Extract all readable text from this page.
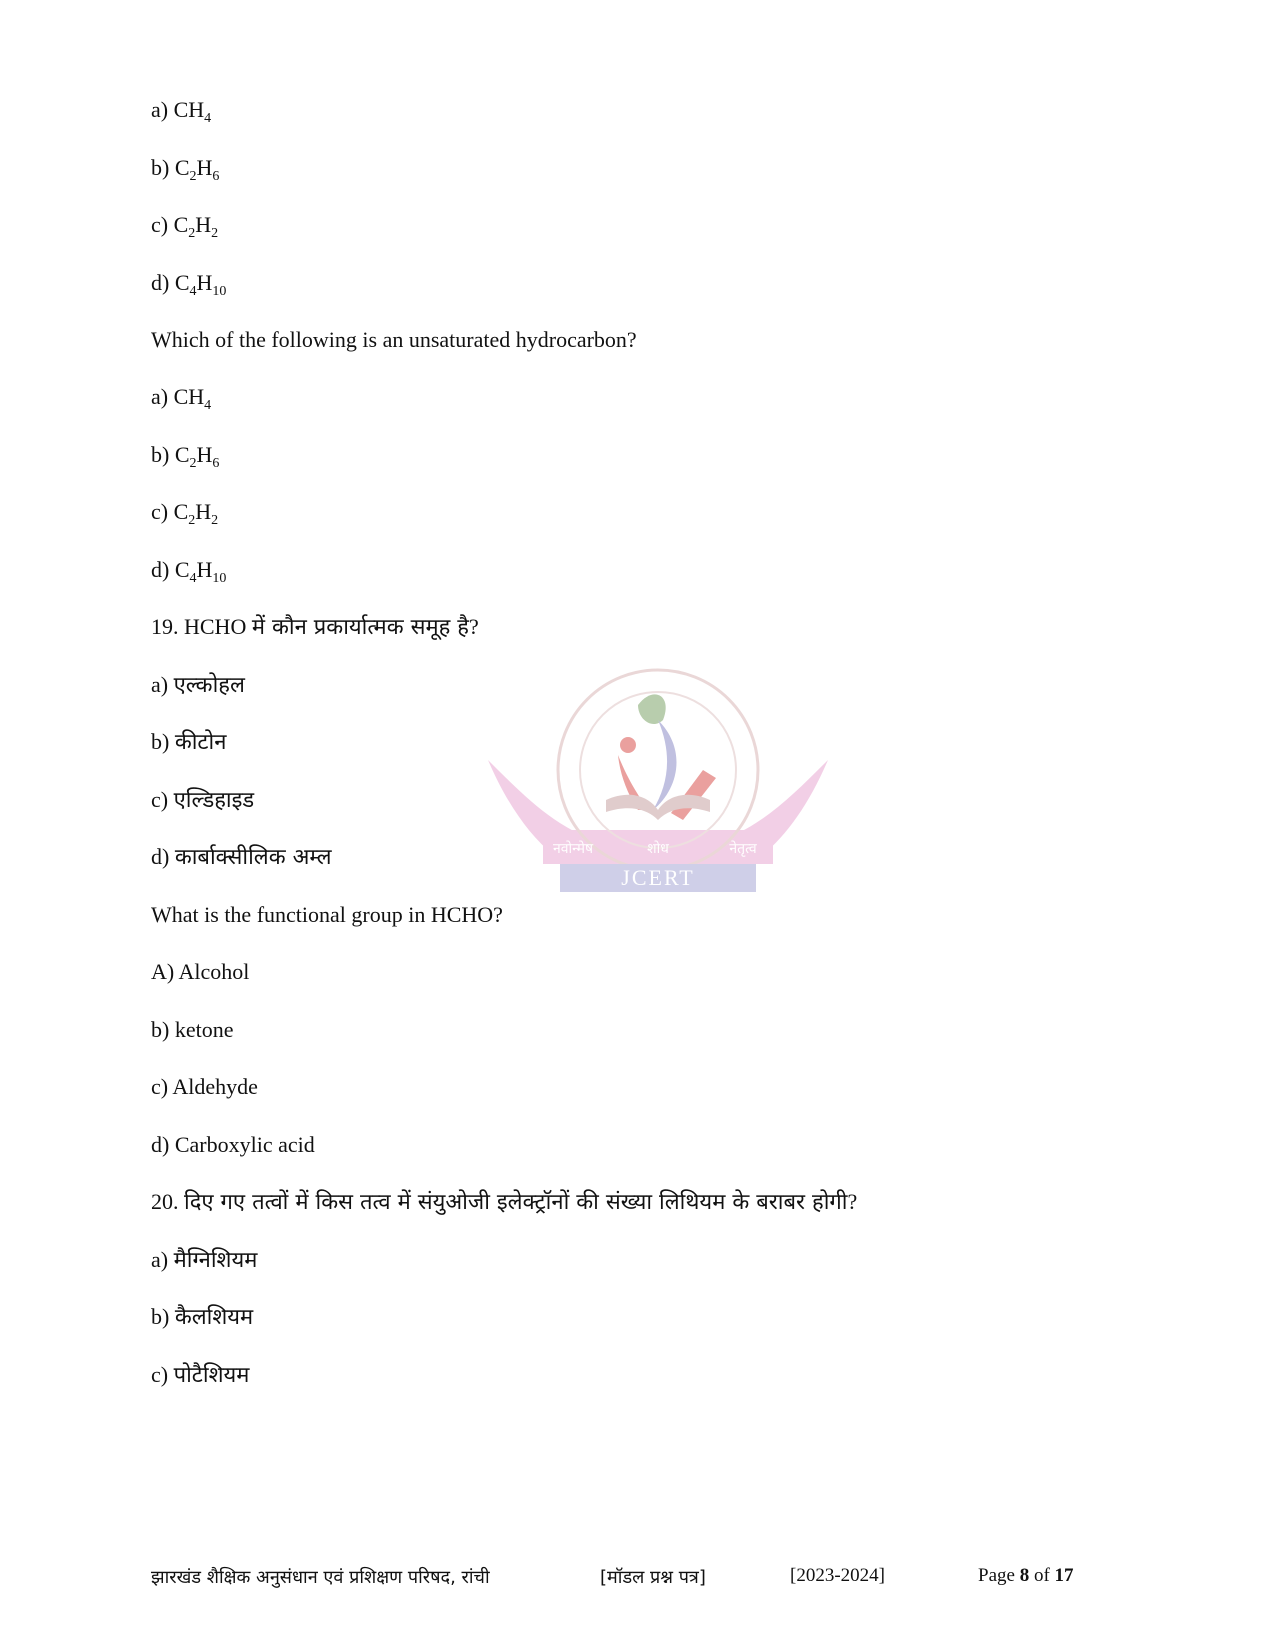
नवोन्मेष	शोध	नेतृत्व
JCERT
a) $CH_4$
b) $C_2H_6$
c) $C_2H_2$
d) $C_4H_{10}$
Which of the following is an unsaturated hydrocarbon?
a) $CH_4$
b) $C_2H_6$
c) $C_2H_2$
d) $C_4H_{10}$
19. HCHO में कौन प्रकार्यात्मक समूह है?
a) एल्कोहल
b) कीटोन
c) एल्डिहाइड
d) कार्बाक्सीलिक अम्ल
What is the functional group in HCHO?
A) Alcohol
b) ketone
c) Aldehyde
d) Carboxylic acid
20. दिए गए तत्वों में किस तत्व में संयुओजी इलेक्ट्रॉनों की संख्या लिथियम के बराबर होगी?
a) मैग्निशियम
b) कैलशियम
c) पोटैशियम
झारखंड शैक्षिक अनुसंधान एवं प्रशिक्षण परिषद, रांची	[मॉडल प्रश्न पत्र]	[2023-2024]	Page 8 of 17
